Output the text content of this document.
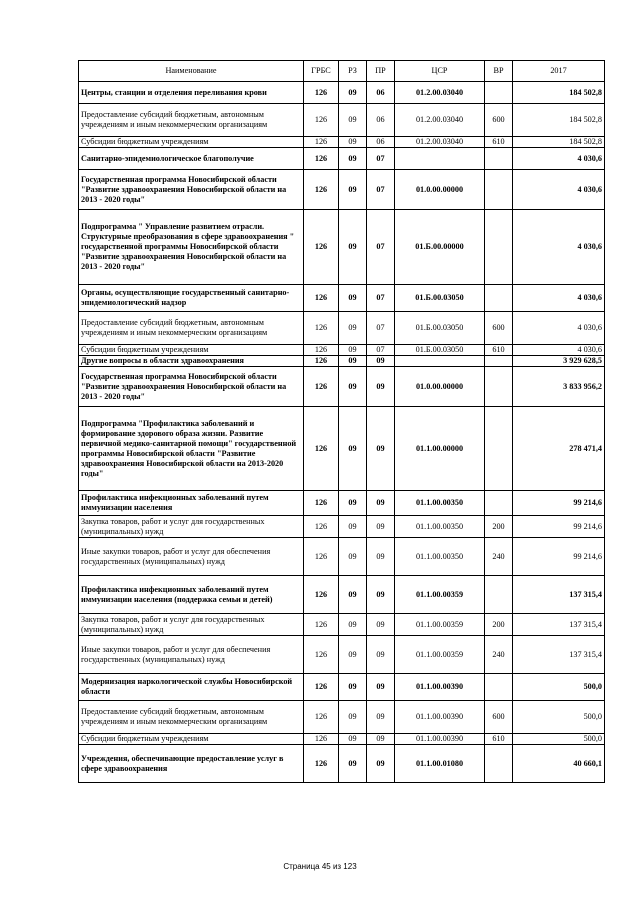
Наименование	ГРБС	РЗ	ПР	ЦСР	ВР	2017
Центры, станции и отделения переливания крови	126	09	06	01.2.00.03040		184 502,8
Предоставление субсидий бюджетным, автономным учреждениям и иным некоммерческим организациям	126	09	06	01.2.00.03040	600	184 502,8
Субсидии бюджетным учреждениям	126	09	06	01.2.00.03040	610	184 502,8
Санитарно-эпидемиологическое благополучие	126	09	07			4 030,6
Государственная программа Новосибирской области "Развитие здравоохранения Новосибирской области на 2013 - 2020 годы"	126	09	07	01.0.00.00000		4 030,6
Подпрограмма " Управление развитием отрасли. Структурные преобразования в сфере здравоохранения " государственной программы Новосибирской области "Развитие здравоохранения Новосибирской области на 2013 - 2020 годы"	126	09	07	01.Б.00.00000		4 030,6
Органы, осуществляющие государственный санитарно-эпидемиологический надзор	126	09	07	01.Б.00.03050		4 030,6
Предоставление субсидий бюджетным, автономным учреждениям и иным некоммерческим организациям	126	09	07	01.Б.00.03050	600	4 030,6
Субсидии бюджетным учреждениям	126	09	07	01.Б.00.03050	610	4 030,6
Другие вопросы в области здравоохранения	126	09	09			3 929 628,5
Государственная программа Новосибирской области "Развитие здравоохранения Новосибирской области на 2013 - 2020 годы"	126	09	09	01.0.00.00000		3 833 956,2
Подпрограмма "Профилактика заболеваний и формирование здорового образа жизни. Развитие первичной медико-санитарной помощи" государственной программы Новосибирской области "Развитие здравоохранения Новосибирской области на 2013-2020 годы"	126	09	09	01.1.00.00000		278 471,4
Профилактика инфекционных заболеваний путем иммунизации населения	126	09	09	01.1.00.00350		99 214,6
Закупка товаров, работ и услуг для государственных (муниципальных) нужд	126	09	09	01.1.00.00350	200	99 214,6
Иные закупки товаров, работ и услуг для обеспечения государственных (муниципальных) нужд	126	09	09	01.1.00.00350	240	99 214,6
Профилактика инфекционных заболеваний путем иммунизации населения (поддержка семьи и детей)	126	09	09	01.1.00.00359		137 315,4
Закупка товаров, работ и услуг для государственных (муниципальных) нужд	126	09	09	01.1.00.00359	200	137 315,4
Иные закупки товаров, работ и услуг для обеспечения государственных (муниципальных) нужд	126	09	09	01.1.00.00359	240	137 315,4
Модернизация наркологической службы Новосибирской области	126	09	09	01.1.00.00390		500,0
Предоставление субсидий бюджетным, автономным учреждениям и иным некоммерческим организациям	126	09	09	01.1.00.00390	600	500,0
Субсидии бюджетным учреждениям	126	09	09	01.1.00.00390	610	500,0
Учреждения, обеспечивающие предоставление услуг в сфере здравоохранения	126	09	09	01.1.00.01080		40 660,1
Страница 45 из 123
